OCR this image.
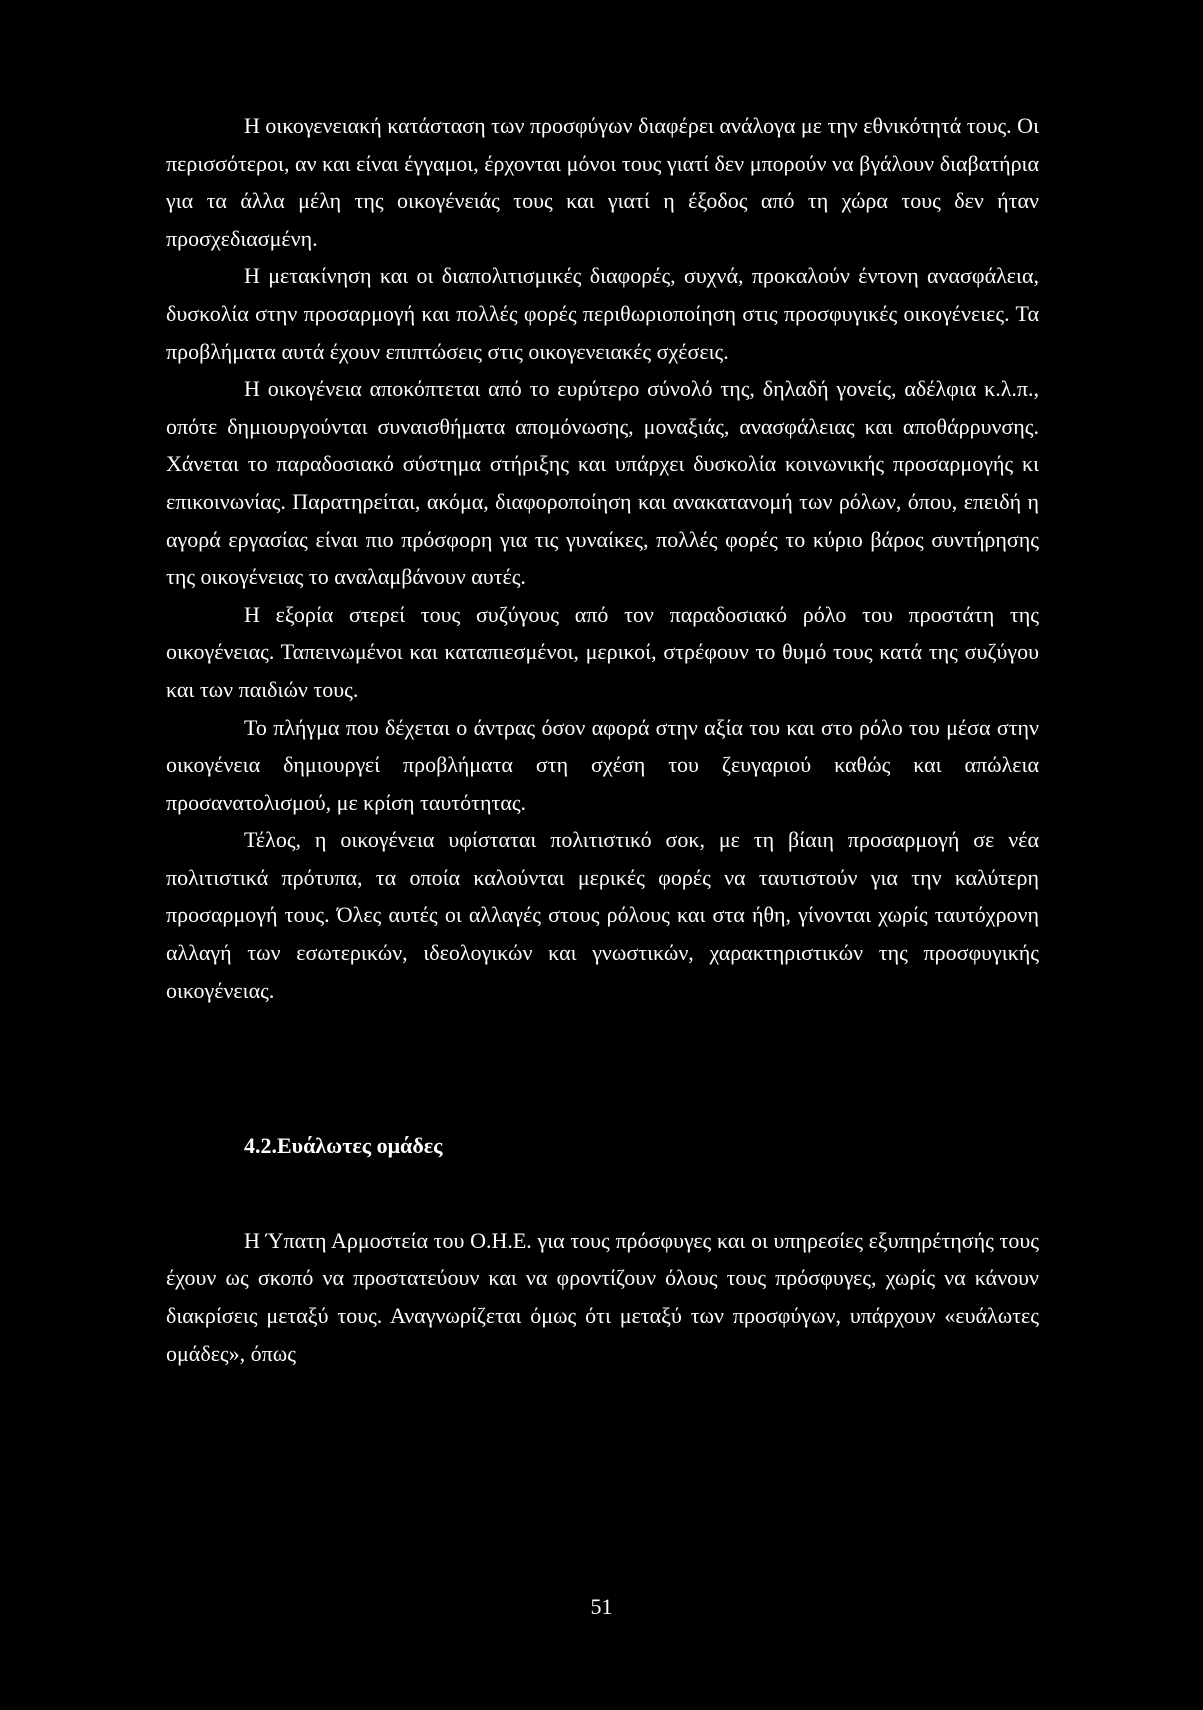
Η οικογενειακή κατάσταση των προσφύγων διαφέρει ανάλογα με την εθνικότητά τους. Οι περισσότεροι, αν και είναι έγγαμοι, έρχονται μόνοι τους γιατί δεν μπορούν να βγάλουν διαβατήρια για τα άλλα μέλη της οικογένειάς τους και γιατί η έξοδος από τη χώρα τους δεν ήταν προσχεδιασμένη.

Η μετακίνηση και οι διαπολιτισμικές διαφορές, συχνά, προκαλούν έντονη ανασφάλεια, δυσκολία στην προσαρμογή και πολλές φορές περιθωριοποίηση στις προσφυγικές οικογένειες. Τα προβλήματα αυτά έχουν επιπτώσεις στις οικογενειακές σχέσεις.

Η οικογένεια αποκόπτεται από το ευρύτερο σύνολό της, δηλαδή γονείς, αδέλφια κ.λ.π., οπότε δημιουργούνται συναισθήματα απομόνωσης, μοναξιάς, ανασφάλειας και αποθάρρυνσης. Χάνεται το παραδοσιακό σύστημα στήριξης και υπάρχει δυσκολία κοινωνικής προσαρμογής κι επικοινωνίας. Παρατηρείται, ακόμα, διαφοροποίηση και ανακατανομή των ρόλων, όπου, επειδή η αγορά εργασίας είναι πιο πρόσφορη για τις γυναίκες, πολλές φορές το κύριο βάρος συντήρησης της οικογένειας το αναλαμβάνουν αυτές.

Η εξορία στερεί τους συζύγους από τον παραδοσιακό ρόλο του προστάτη της οικογένειας. Ταπεινωμένοι και καταπιεσμένοι, μερικοί, στρέφουν το θυμό τους κατά της συζύγου και των παιδιών τους.

Το πλήγμα που δέχεται ο άντρας όσον αφορά στην αξία του και στο ρόλο του μέσα στην οικογένεια δημιουργεί προβλήματα στη σχέση του ζευγαριού καθώς και απώλεια προσανατολισμού, με κρίση ταυτότητας.

Τέλος, η οικογένεια υφίσταται πολιτιστικό σοκ, με τη βίαιη προσαρμογή σε νέα πολιτιστικά πρότυπα, τα οποία καλούνται μερικές φορές να ταυτιστούν για την καλύτερη προσαρμογή τους. Όλες αυτές οι αλλαγές στους ρόλους και στα ήθη, γίνονται χωρίς ταυτόχρονη αλλαγή των εσωτερικών, ιδεολογικών και γνωστικών, χαρακτηριστικών της προσφυγικής οικογένειας.

4.2.Ευάλωτες ομάδες

Η Ύπατη Αρμοστεία του Ο.Η.Ε. για τους πρόσφυγες και οι υπηρεσίες εξυπηρέτησής τους έχουν ως σκοπό να προστατεύουν και να φροντίζουν όλους τους πρόσφυγες, χωρίς να κάνουν διακρίσεις μεταξύ τους. Αναγνωρίζεται όμως ότι μεταξύ των προσφύγων, υπάρχουν «ευάλωτες ομάδες», όπως

51
